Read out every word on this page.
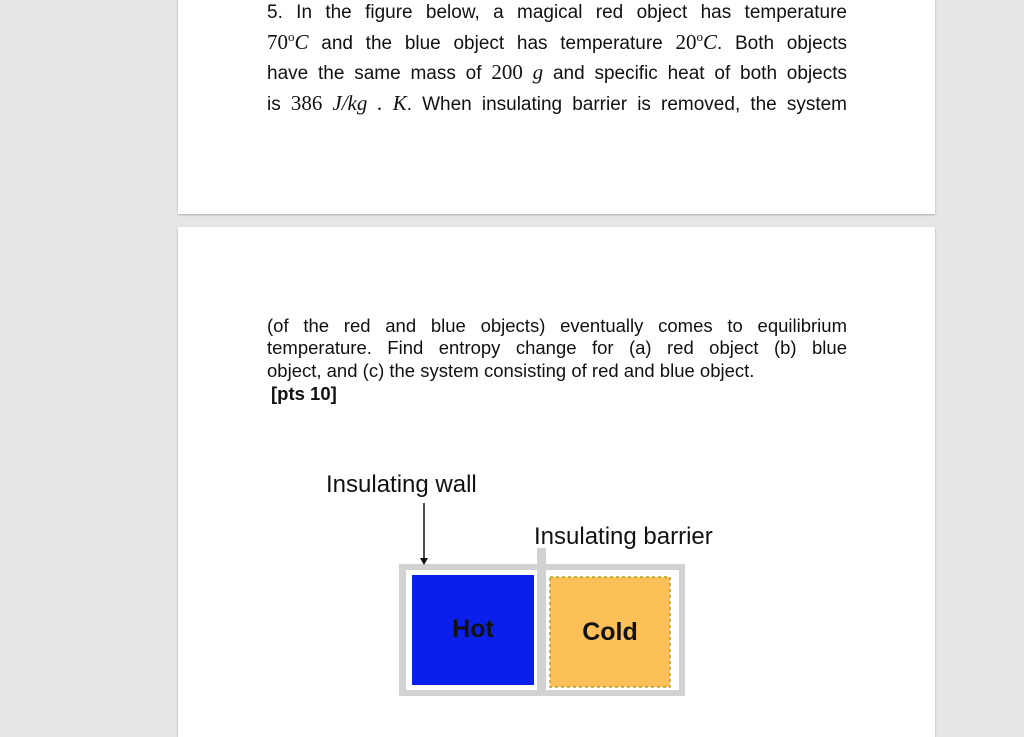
5. In the figure below, a magical red object has temperature
70$^o$C and the blue object has temperature 20$^o$C. Both objects
have the same mass of 200 g and specific heat of both objects
is 386 J/kg . K. When insulating barrier is removed, the system
(of the red and blue objects) eventually comes to equilibrium
temperature. Find entropy change for (a) red object (b) blue
object, and (c) the system consisting of red and blue object.
[pts 10]
Insulating wall
Insulating barrier
Hot	Cold
